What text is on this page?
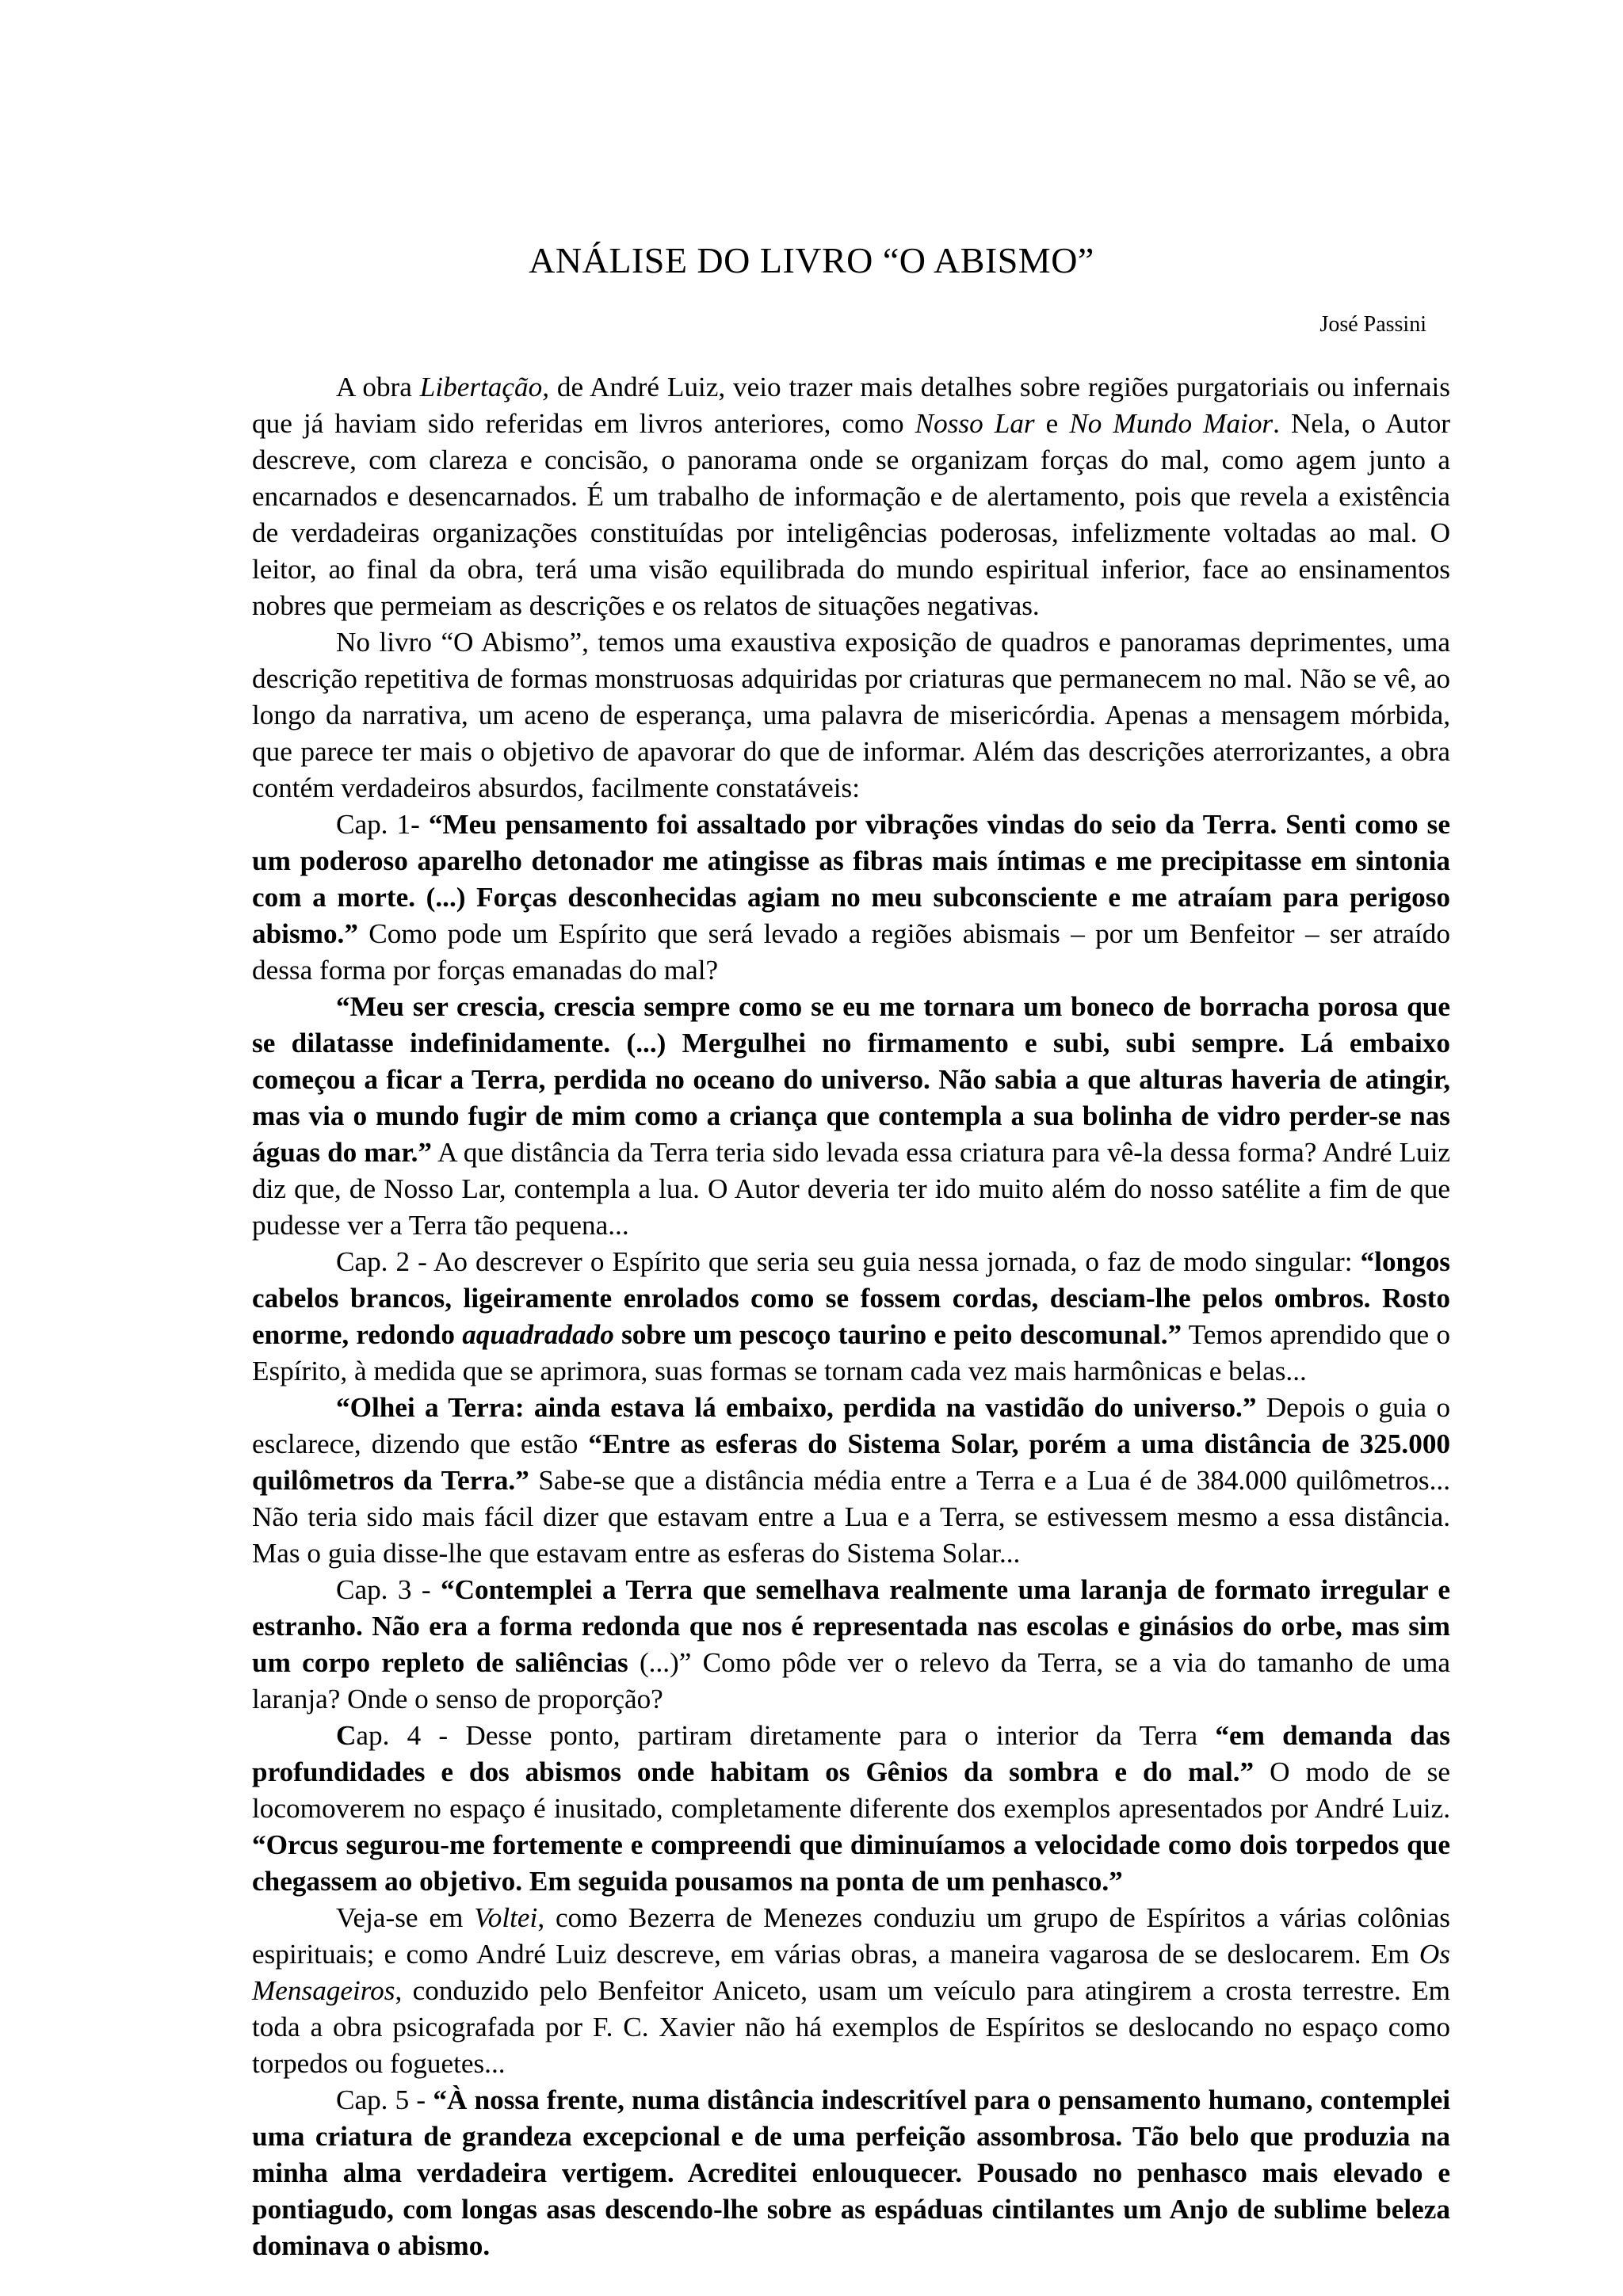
ANÁLISE DO LIVRO “O ABISMO”
José Passini

A obra Libertação, de André Luiz, veio trazer mais detalhes sobre regiões purgatoriais ou infernais que já haviam sido referidas em livros anteriores, como Nosso Lar e No Mundo Maior. Nela, o Autor descreve, com clareza e concisão, o panorama onde se organizam forças do mal, como agem junto a encarnados e desencarnados. É um trabalho de informação e de alertamento, pois que revela a existência de verdadeiras organizações constituídas por inteligências poderosas, infelizmente voltadas ao mal. O leitor, ao final da obra, terá uma visão equilibrada do mundo espiritual inferior, face ao ensinamentos nobres que permeiam as descrições e os relatos de situações negativas.

No livro “O Abismo”, temos uma exaustiva exposição de quadros e panoramas deprimentes, uma descrição repetitiva de formas monstruosas adquiridas por criaturas que permanecem no mal. Não se vê, ao longo da narrativa, um aceno de esperança, uma palavra de misericórdia. Apenas a mensagem mórbida, que parece ter mais o objetivo de apavorar do que de informar. Além das descrições aterrorizantes, a obra contém verdadeiros absurdos, facilmente constatáveis:

Cap. 1- “Meu pensamento foi assaltado por vibrações vindas do seio da Terra. Senti como se um poderoso aparelho detonador me atingisse as fibras mais íntimas e me precipitasse em sintonia com a morte. (...) Forças desconhecidas agiam no meu subconsciente e me atraíam para perigoso abismo.” Como pode um Espírito que será levado a regiões abismais – por um Benfeitor – ser atraído dessa forma por forças emanadas do mal?

“Meu ser crescia, crescia sempre como se eu me tornara um boneco de borracha porosa que se dilatasse indefinidamente. (...) Mergulhei no firmamento e subi, subi sempre. Lá embaixo começou a ficar a Terra, perdida no oceano do universo. Não sabia a que alturas haveria de atingir, mas via o mundo fugir de mim como a criança que contempla a sua bolinha de vidro perder-se nas águas do mar.” A que distância da Terra teria sido levada essa criatura para vê-la dessa forma? André Luiz diz que, de Nosso Lar, contempla a lua. O Autor deveria ter ido muito além do nosso satélite a fim de que pudesse ver a Terra tão pequena...

Cap. 2 - Ao descrever o Espírito que seria seu guia nessa jornada, o faz de modo singular: “longos cabelos brancos, ligeiramente enrolados como se fossem cordas, desciam-lhe pelos ombros. Rosto enorme, redondo aquadradado sobre um pescoço taurino e peito descomunal.” Temos aprendido que o Espírito, à medida que se aprimora, suas formas se tornam cada vez mais harmônicas e belas...

“Olhei a Terra: ainda estava lá embaixo, perdida na vastidão do universo.” Depois o guia o esclarece, dizendo que estão “Entre as esferas do Sistema Solar, porém a uma distância de 325.000 quilômetros da Terra.” Sabe-se que a distância média entre a Terra e a Lua é de 384.000 quilômetros... Não teria sido mais fácil dizer que estavam entre a Lua e a Terra, se estivessem mesmo a essa distância. Mas o guia disse-lhe que estavam entre as esferas do Sistema Solar...

Cap. 3 - “Contemplei a Terra que semelhava realmente uma laranja de formato irregular e estranho. Não era a forma redonda que nos é representada nas escolas e ginásios do orbe, mas sim um corpo repleto de saliências (...)” Como pôde ver o relevo da Terra, se a via do tamanho de uma laranja? Onde o senso de proporção?

Cap. 4 - Desse ponto, partiram diretamente para o interior da Terra “em demanda das profundidades e dos abismos onde habitam os Gênios da sombra e do mal.” O modo de se locomoverem no espaço é inusitado, completamente diferente dos exemplos apresentados por André Luiz. “Orcus segurou-me fortemente e compreendi que diminuíamos a velocidade como dois torpedos que chegassem ao objetivo. Em seguida pousamos na ponta de um penhasco.”

Veja-se em Voltei, como Bezerra de Menezes conduziu um grupo de Espíritos a várias colônias espirituais; e como André Luiz descreve, em várias obras, a maneira vagarosa de se deslocarem. Em Os Mensageiros, conduzido pelo Benfeitor Aniceto, usam um veículo para atingirem a crosta terrestre. Em toda a obra psicografada por F. C. Xavier não há exemplos de Espíritos se deslocando no espaço como torpedos ou foguetes...

Cap. 5 - “À nossa frente, numa distância indescritível para o pensamento humano, contemplei uma criatura de grandeza excepcional e de uma perfeição assombrosa. Tão belo que produzia na minha alma verdadeira vertigem. Acreditei enlouquecer. Pousado no penhasco mais elevado e pontiagudo, com longas asas descendo-lhe sobre as espáduas cintilantes um Anjo de sublime beleza dominava o abismo.
